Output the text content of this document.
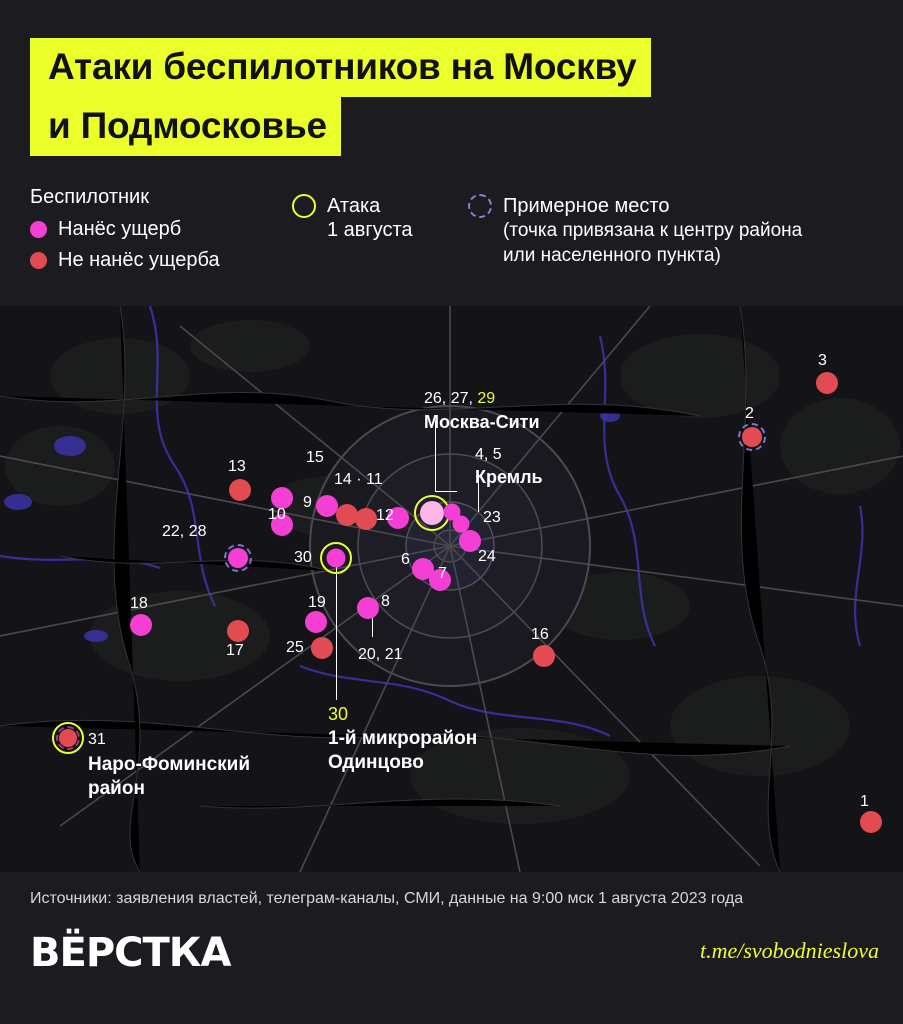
Атаки беспилотников на Москву
и Подмосковье
Беспилотник
Нанёс ущерб
Не нанёс ущерба
Атака
1 августа
Примерное место
(точка привязана к центру района
или населенного пункта)
26, 27, 29
Москва-Сити
4, 5
Кремль
3
2
13
15
14 · 11
9
10	12
22, 28
23
24
30	6
7
18	19	8
17	25	20, 21
16
31
Наро-Фоминский
район
30
1-й микрорайон
Одинцово
1
Источники: заявления властей, телеграм-каналы, СМИ, данные на 9:00 мск 1 августа 2023 года
ВЁРСТКА	t.me/svobodnieslova
